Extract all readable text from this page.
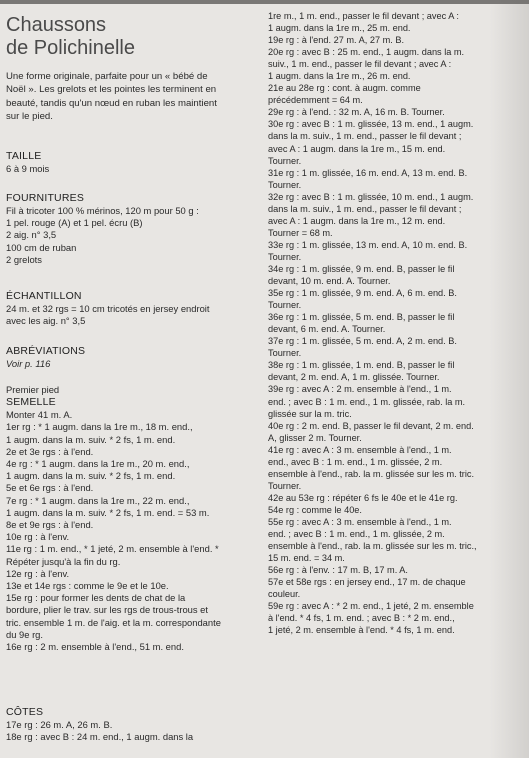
Chaussons
de Polichinelle
Une forme originale, parfaite pour un « bébé de
Noël ». Les grelots et les pointes les terminent en
beauté, tandis qu'un nœud en ruban les maintient
sur le pied.
TAILLE
6 à 9 mois
FOURNITURES
Fil à tricoter 100 % mérinos, 120 m pour 50 g :
1 pel. rouge (A) et 1 pel. écru (B)
2 aig. n° 3,5
100 cm de ruban
2 grelots
ÉCHANTILLON
24 m. et 32 rgs = 10 cm tricotés en jersey endroit
avec les aig. n° 3,5
ABRÉVIATIONS
Voir p. 116
Premier pied
SEMELLE
Monter 41 m. A.
1er rg : * 1 augm. dans la 1re m., 18 m. end.,
1 augm. dans la m. suiv. * 2 fs, 1 m. end.
2e et 3e rgs : à l'end.
4e rg : * 1 augm. dans la 1re m., 20 m. end.,
1 augm. dans la m. suiv. * 2 fs, 1 m. end.
5e et 6e rgs : à l'end.
7e rg : * 1 augm. dans la 1re m., 22 m. end.,
1 augm. dans la m. suiv. * 2 fs, 1 m. end. = 53 m.
8e et 9e rgs : à l'end.
10e rg : à l'env.
11e rg : 1 m. end., * 1 jeté, 2 m. ensemble à l'end. *
Répéter jusqu'à la fin du rg.
12e rg : à l'env.
13e et 14e rgs : comme le 9e et le 10e.
15e rg : pour former les dents de chat de la
bordure, plier le trav. sur les rgs de trous-trous et
tric. ensemble 1 m. de l'aig. et la m. correspondante
du 9e rg.
16e rg : 2 m. ensemble à l'end., 51 m. end.
CÔTES
17e rg : 26 m. A, 26 m. B.
18e rg : avec B : 24 m. end., 1 augm. dans la
1re m., 1 m. end., passer le fil devant ; avec A :
1 augm. dans la 1re m., 25 m. end.
19e rg : à l'end. 27 m. A, 27 m. B.
20e rg : avec B : 25 m. end., 1 augm. dans la m.
suiv., 1 m. end., passer le fil devant ; avec A :
1 augm. dans la 1re m., 26 m. end.
21e au 28e rg : cont. à augm. comme
précédemment = 64 m.
29e rg : à l'end. : 32 m. A, 16 m. B. Tourner.
30e rg : avec B : 1 m. glissée, 13 m. end., 1 augm.
dans la m. suiv., 1 m. end., passer le fil devant ;
avec A : 1 augm. dans la 1re m., 15 m. end.
Tourner.
31e rg : 1 m. glissée, 16 m. end. A, 13 m. end. B.
Tourner.
32e rg : avec B : 1 m. glissée, 10 m. end., 1 augm.
dans la m. suiv., 1 m. end., passer le fil devant ;
avec A : 1 augm. dans la 1re m., 12 m. end.
Tourner = 68 m.
33e rg : 1 m. glissée, 13 m. end. A, 10 m. end. B.
Tourner.
34e rg : 1 m. glissée, 9 m. end. B, passer le fil
devant, 10 m. end. A. Tourner.
35e rg : 1 m. glissée, 9 m. end. A, 6 m. end. B.
Tourner.
36e rg : 1 m. glissée, 5 m. end. B, passer le fil
devant, 6 m. end. A. Tourner.
37e rg : 1 m. glissée, 5 m. end. A, 2 m. end. B.
Tourner.
38e rg : 1 m. glissée, 1 m. end. B, passer le fil
devant, 2 m. end. A, 1 m. glissée. Tourner.
39e rg : avec A : 2 m. ensemble à l'end., 1 m.
end. ; avec B : 1 m. end., 1 m. glissée, rab. la m.
glissée sur la m. tric.
40e rg : 2 m. end. B, passer le fil devant, 2 m. end.
A, glisser 2 m. Tourner.
41e rg : avec A : 3 m. ensemble à l'end., 1 m.
end., avec B : 1 m. end., 1 m. glissée, 2 m.
ensemble à l'end., rab. la m. glissée sur les m. tric.
Tourner.
42e au 53e rg : répéter 6 fs le 40e et le 41e rg.
54e rg : comme le 40e.
55e rg : avec A : 3 m. ensemble à l'end., 1 m.
end. ; avec B : 1 m. end., 1 m. glissée, 2 m.
ensemble à l'end., rab. la m. glissée sur les m. tric.,
15 m. end. = 34 m.
56e rg : à l'env. : 17 m. B, 17 m. A.
57e et 58e rgs : en jersey end., 17 m. de chaque
couleur.
59e rg : avec A : * 2 m. end., 1 jeté, 2 m. ensemble
à l'end. * 4 fs, 1 m. end. ; avec B : * 2 m. end.,
1 jeté, 2 m. ensemble à l'end. * 4 fs, 1 m. end.
